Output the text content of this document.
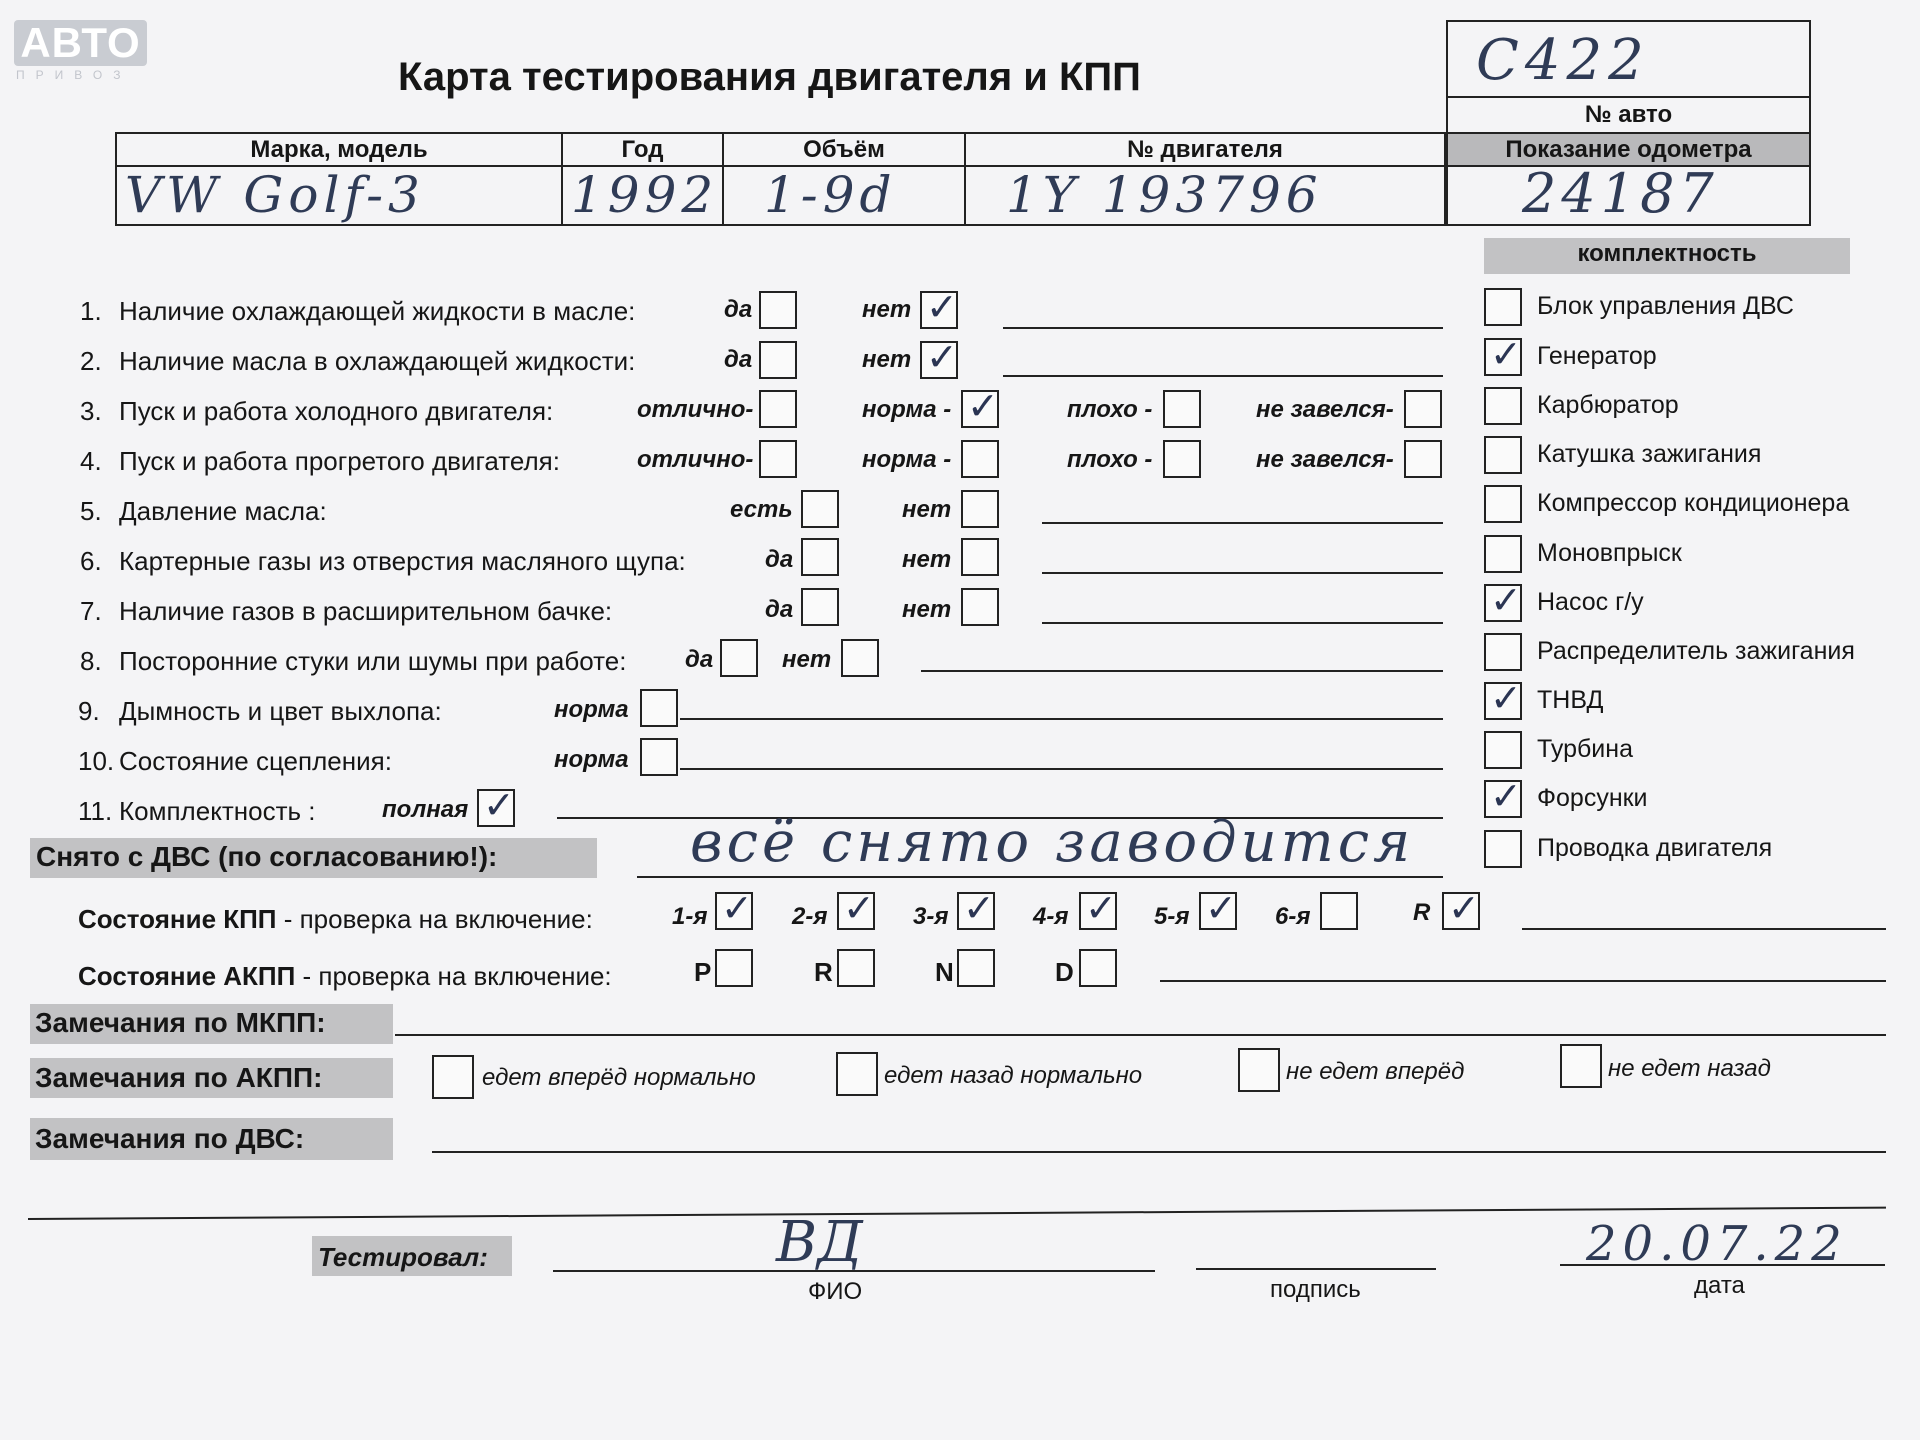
АВТО
ПРИВОЗ	Карта тестирования двигателя и КПП	C422
№ авто
Показание одометра
24187
Марка, модель
VW Golf-3
Год
1992
Объём
1-9d
№ двигателя
1Y 193796
комплектность
1. Наличие охлаждающей жидкости в масле:	да	нет ✓
2. Наличие масла в охлаждающей жидкости:	да	нет ✓
3. Пуск и работа холодного двигателя:	отлично-	норма - ✓	плохо -	не завелся-
4. Пуск и работа прогретого двигателя:	отлично-	норма -	плохо -	не завелся-
5. Давление масла:	есть	нет
6. Картерные газы из отверстия масляного щупа:	да	нет
7. Наличие газов в расширительном бачке:	да	нет
8. Посторонние стуки или шумы при работе: да	нет
9. Дымность и цвет выхлопа:	норма
10. Состояние сцепления:	норма
11. Комплектность :	полная ✓
Блок управления ДВС
✓ Генератор
Карбюратор
Катушка зажигания
Компрессор кондиционера
Моновпрыск
✓ Насос г/у
Распределитель зажигания
✓ ТНВД
Турбина
✓ Форсунки
Проводка двигателя
Снято с ДВС (по согласованию!):	всё снято заводится
Состояние КПП - проверка на включение:	1-я ✓ 2-я ✓ 3-я ✓ 4-я ✓ 5-я ✓ 6-я	R ✓
Состояние АКПП - проверка на включение:	P	R	N	D
Замечания по МКПП:
Замечания по АКПП:	едет вперёд нормально	едет назад нормально	не едет вперёд	не едет назад
Замечания по ДВС:
Тестировал:	ВД
ФИО	подпись
20.07.22
дата
